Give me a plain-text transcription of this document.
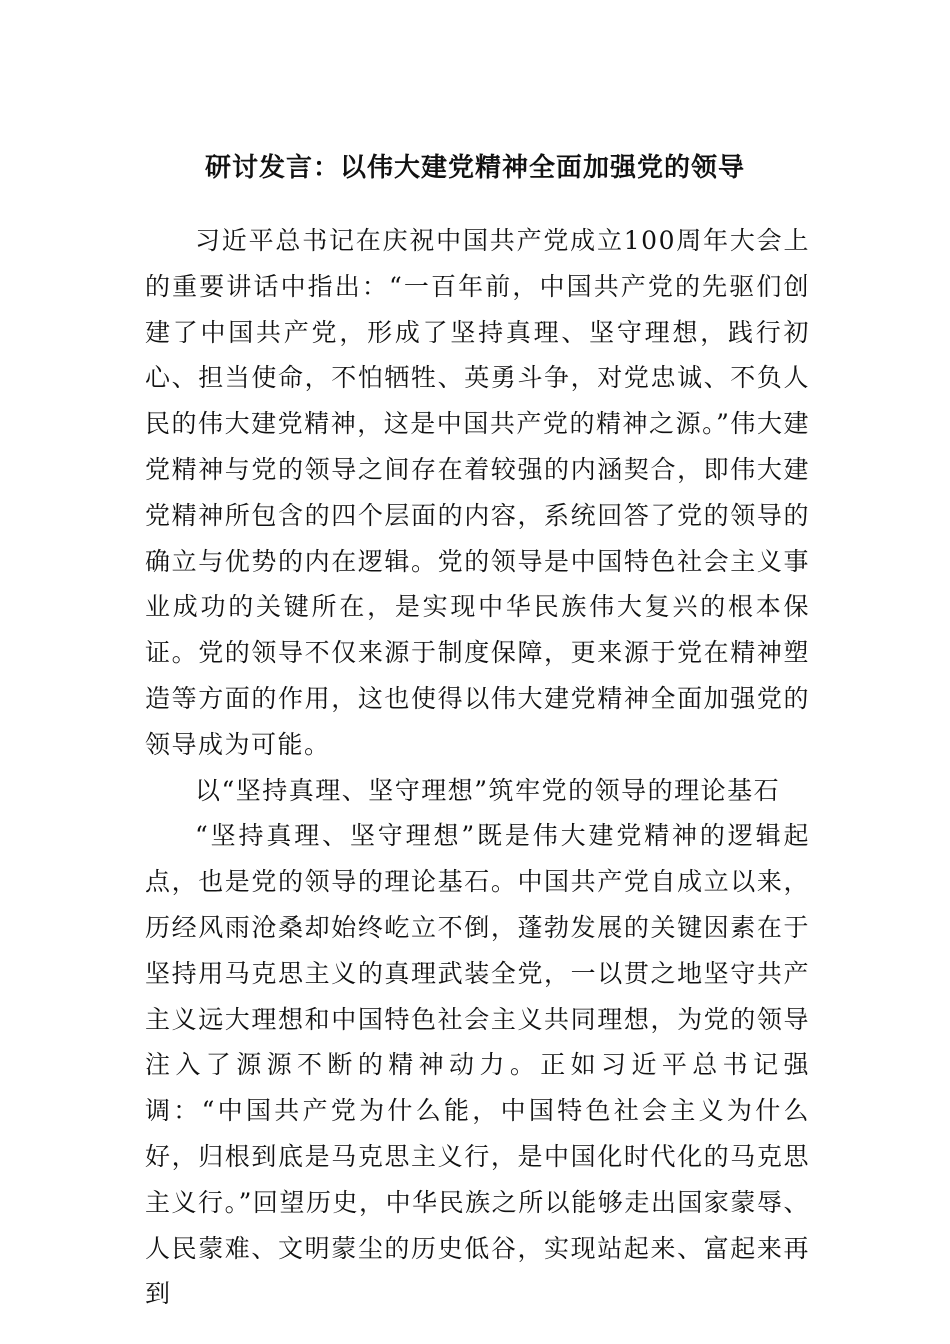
研讨发言：以伟大建党精神全面加强党的领导

习近平总书记在庆祝中国共产党成立100周年大会上的重要讲话中指出：“一百年前，中国共产党的先驱们创建了中国共产党，形成了坚持真理、坚守理想，践行初心、担当使命，不怕牺牲、英勇斗争，对党忠诚、不负人民的伟大建党精神，这是中国共产党的精神之源。”伟大建党精神与党的领导之间存在着较强的内涵契合，即伟大建党精神所包含的四个层面的内容，系统回答了党的领导的确立与优势的内在逻辑。党的领导是中国特色社会主义事业成功的关键所在，是实现中华民族伟大复兴的根本保证。党的领导不仅来源于制度保障，更来源于党在精神塑造等方面的作用，这也使得以伟大建党精神全面加强党的领导成为可能。

以“坚持真理、坚守理想”筑牢党的领导的理论基石

“坚持真理、坚守理想”既是伟大建党精神的逻辑起点，也是党的领导的理论基石。中国共产党自成立以来，历经风雨沧桑却始终屹立不倒，蓬勃发展的关键因素在于坚持用马克思主义的真理武装全党，一以贯之地坚守共产主义远大理想和中国特色社会主义共同理想，为党的领导注入了源源不断的精神动力。正如习近平总书记强调：“中国共产党为什么能，中国特色社会主义为什么好，归根到底是马克思主义行，是中国化时代化的马克思主义行。”回望历史，中华民族之所以能够走出国家蒙辱、人民蒙难、文明蒙尘的历史低谷，实现站起来、富起来再到
